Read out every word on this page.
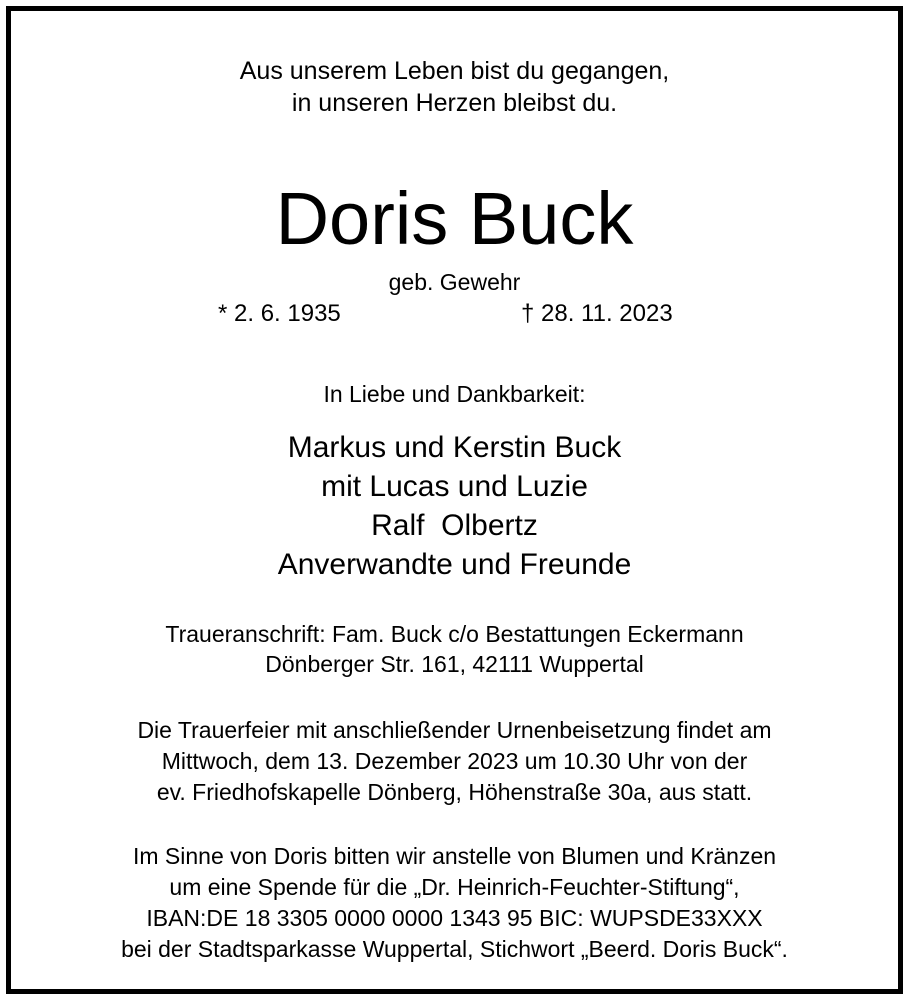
Aus unserem Leben bist du gegangen,
in unseren Herzen bleibst du.
Doris Buck
geb. Gewehr
* 2. 6. 1935	† 28. 11. 2023
In Liebe und Dankbarkeit:
Markus und Kerstin Buck
mit Lucas und Luzie
Ralf  Olbertz
Anverwandte und Freunde
Traueranschrift: Fam. Buck c/o Bestattungen Eckermann
Dönberger Str. 161, 42111 Wuppertal
Die Trauerfeier mit anschließender Urnenbeisetzung findet am
Mittwoch, dem 13. Dezember 2023 um 10.30 Uhr von der
ev. Friedhofskapelle Dönberg, Höhenstraße 30a, aus statt.
Im Sinne von Doris bitten wir anstelle von Blumen und Kränzen
um eine Spende für die „Dr. Heinrich-Feuchter-Stiftung“,
IBAN:DE 18 3305 0000 0000 1343 95 BIC: WUPSDE33XXX
bei der Stadtsparkasse Wuppertal, Stichwort „Beerd. Doris Buck“.
